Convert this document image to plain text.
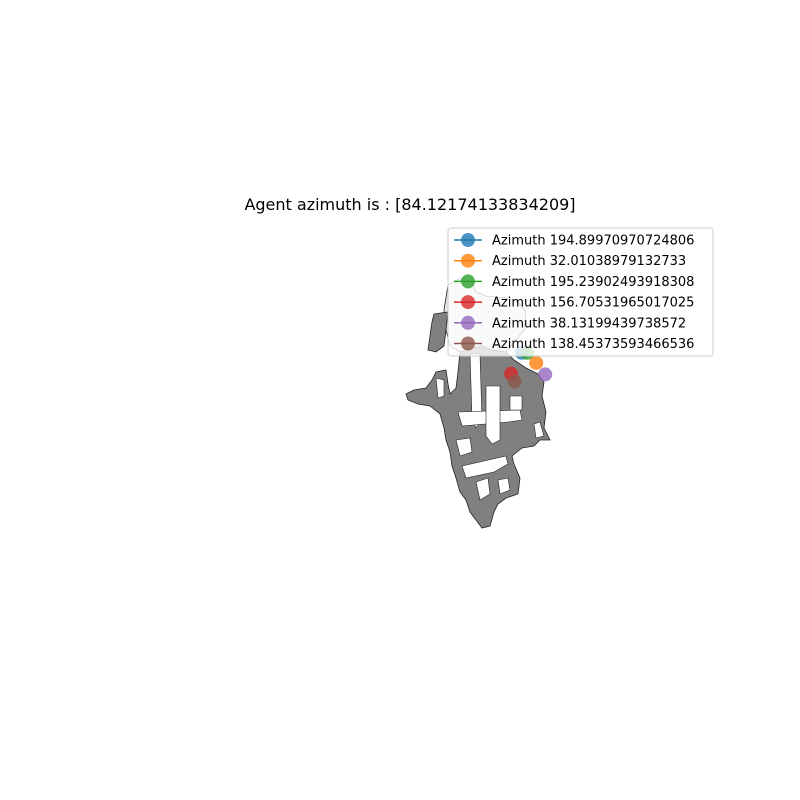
Agent azimuth is : [84.12174133834209]
Azimuth 194.89970970724806
Azimuth 32.01038979132733
Azimuth 195.23902493918308
Azimuth 156.70531965017025
Azimuth 38.13199439738572
Azimuth 138.45373593466536
